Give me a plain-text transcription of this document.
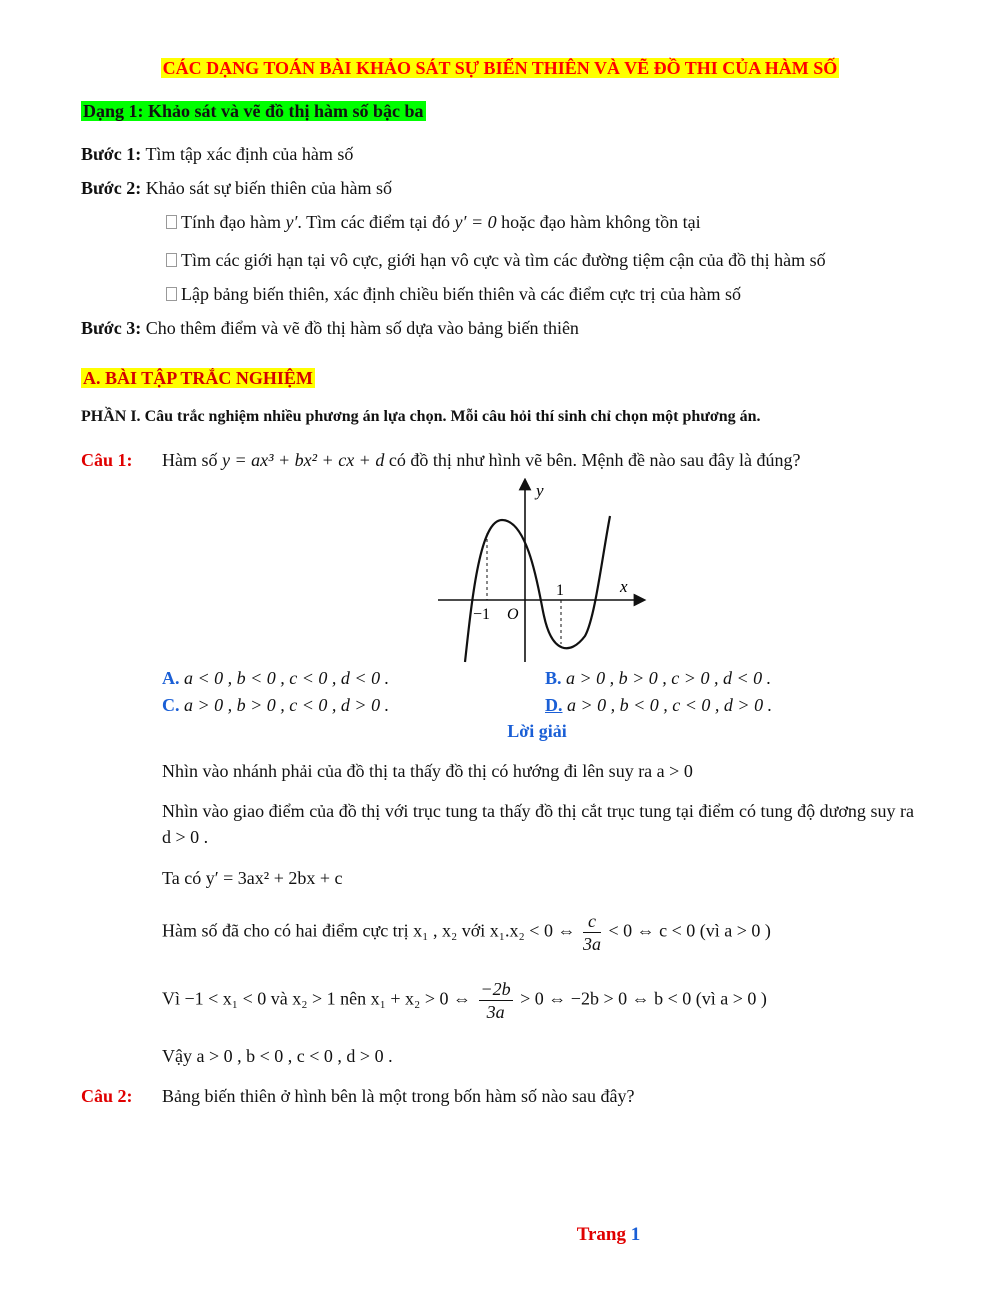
CÁC DẠNG TOÁN BÀI KHẢO SÁT SỰ BIẾN THIÊN VÀ VẼ ĐỒ THI CỦA HÀM SỐ
Dạng 1: Khảo sát và vẽ đồ thị hàm số bậc ba
Bước 1: Tìm tập xác định của hàm số
Bước 2: Khảo sát sự biến thiên của hàm số
Tính đạo hàm y′. Tìm các điểm tại đó y′ = 0 hoặc đạo hàm không tồn tại
Tìm các giới hạn tại vô cực, giới hạn vô cực và tìm các đường tiệm cận của đồ thị hàm số
Lập bảng biến thiên, xác định chiều biến thiên và các điểm cực trị của hàm số
Bước 3: Cho thêm điểm và vẽ đồ thị hàm số dựa vào bảng biến thiên
A. BÀI TẬP TRẮC NGHIỆM
PHẦN I. Câu trắc nghiệm nhiều phương án lựa chọn. Mỗi câu hỏi thí sinh chỉ chọn một phương án.
Câu 1: Hàm số y = ax³ + bx² + cx + d có đồ thị như hình vẽ bên. Mệnh đề nào sau đây là đúng?
y
x
1
−1 O
A. a < 0 , b < 0 , c < 0 , d < 0 .	B. a > 0 , b > 0 , c > 0 , d < 0 .
C. a > 0 , b > 0 , c < 0 , d > 0 .	D. a > 0 , b < 0 , c < 0 , d > 0 .
Lời giải
Nhìn vào nhánh phải của đồ thị ta thấy đồ thị có hướng đi lên suy ra a > 0
Nhìn vào giao điểm của đồ thị với trục tung ta thấy đồ thị cắt trục tung tại điểm có tung độ dương suy ra d > 0 .
Ta có y′ = 3ax² + 2bx + c
Hàm số đã cho có hai điểm cực trị x₁ , x₂ với x₁.x₂ < 0 ⇔ $\frac{c}{3a} < 0$ ⇔ c < 0 (vì a > 0 )
Vì −1 < x₁ < 0 và x₂ > 1 nên x₁ + x₂ > 0 ⇔ $\frac{-2b}{3a} > 0$ ⇔ −2b > 0 ⇔ b < 0 (vì a > 0 )
Vậy a > 0 , b < 0 , c < 0 , d > 0 .
Câu 2: Bảng biến thiên ở hình bên là một trong bốn hàm số nào sau đây?
Trang 1
